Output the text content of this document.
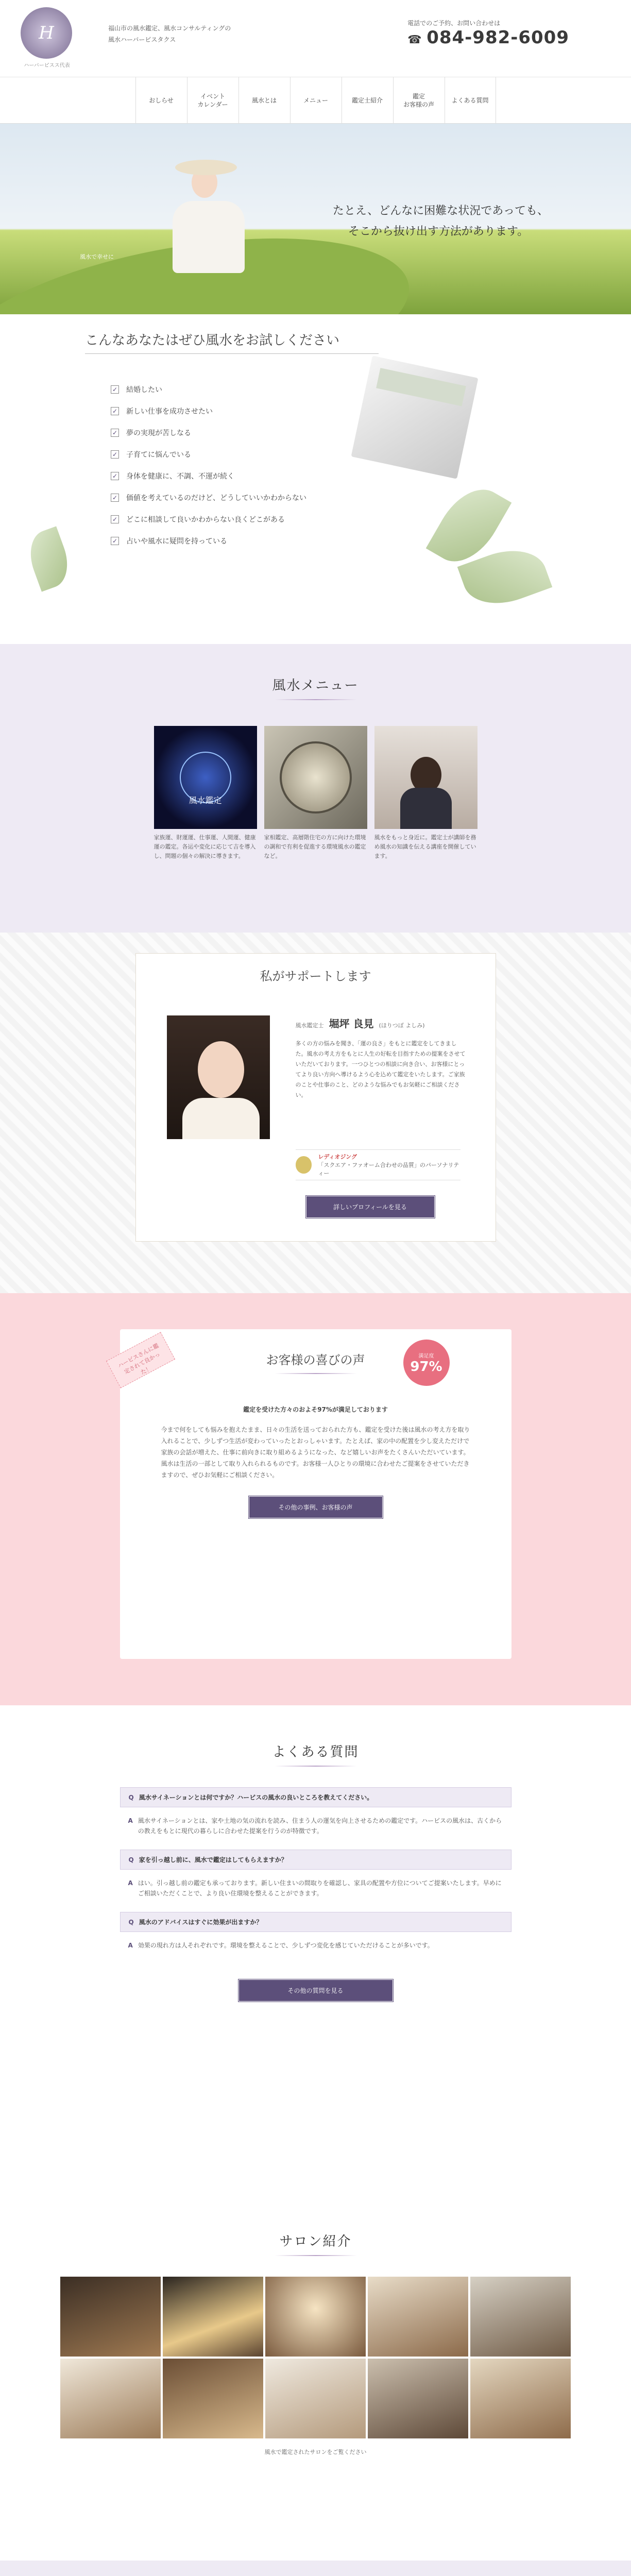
H
ハーバーピスス代表
福山市の風水鑑定、風水コンサルティングの
風水ハーバービスタクス
電話でのご予約、お問い合わせは
☎ 084-982-6009
おしらせ
イベント
カレンダー
風水とは	メニュー	鑑定士紹介
鑑定
お客様の声
よくある質問
風水で幸せに
たとえ、どんなに困難な状況であっても、
そこから抜け出す方法があります。
こんなあなたはぜひ風水をお試しください
✓ 結婚したい
✓ 新しい仕事を成功させたい
✓ 夢の実現が苦しなる
✓ 子育てに悩んでいる
✓ 身体を健康に、不調、不運が続く
✓ 価値を考えているのだけど、どうしていいかわからない
✓ どこに相談して良いかわからない良くどこがある
✓ 占いや風水に疑問を持っている
風水メニュー
風水鑑定
家族運、財運運、仕事運、人間運、健康運の鑑定。各运や変化に応じて吉を導入し、問題の個々の解決に導きます。
家相鑑定、高層階住宅の方に向けた環境の調和で有利を促進する環境風水の鑑定など。
風水をもっと身近に。鑑定士が講師を務め風水の知識を伝える講座を開催しています。
私がサポートします
風水鑑定士 堀坪 良見 (ほりつぼ よしみ)
多くの方の悩みを聞き、「運の良さ」をもとに鑑定をしてきました。風水の考え方をもとに人生の好転を目指すための提案をさせていただいております。一つひとつの相談に向き合い、お客様にとってより良い方向へ導けるよう心を込めて鑑定をいたします。ご家族のことや仕事のこと、どのような悩みでもお気軽にご相談ください。
レディオジング
「スクエア・ファオーム合わせの品質」のパーソナリティー
詳しいプロフィールを見る
ハービスさんに鑑定されて良かった！
お客様の喜びの声	満足度
97%
鑑定を受けた方々のおよそ97%が満足しております
今まで何をしても悩みを抱えたまま、日々の生活を送っておられた方も、鑑定を受けた後は風水の考え方を取り入れることで、少しずつ生活が変わっていったとおっしゃいます。たとえば、家の中の配置を少し変えただけで家族の会話が増えた、仕事に前向きに取り組めるようになった、など嬉しいお声をたくさんいただいています。風水は生活の一部として取り入れられるものです。お客様一人ひとりの環境に合わせたご提案をさせていただきますので、ぜひお気軽にご相談ください。
その他の事例、お客様の声
よくある質問
Q 風水サイネーションとは何ですか？ハービスの風水の良いところを教えてください。
A 風水サイネーションとは、家や土地の気の流れを読み、住まう人の運気を向上させるための鑑定です。ハービスの風水は、古くからの教えをもとに現代の暮らしに合わせた提案を行うのが特徴です。
Q 家を引っ越し前に、風水で鑑定はしてもらえますか？
A はい。引っ越し前の鑑定も承っております。新しい住まいの間取りを確認し、家具の配置や方位についてご提案いたします。早めにご相談いただくことで、より良い住環境を整えることができます。
Q 風水のアドバイスはすぐに効果が出ますか？
A 効果の現れ方は人それぞれです。環境を整えることで、少しずつ変化を感じていただけることが多いです。
その他の質問を見る
サロン紹介
風水で鑑定されたサロンをご覧ください
